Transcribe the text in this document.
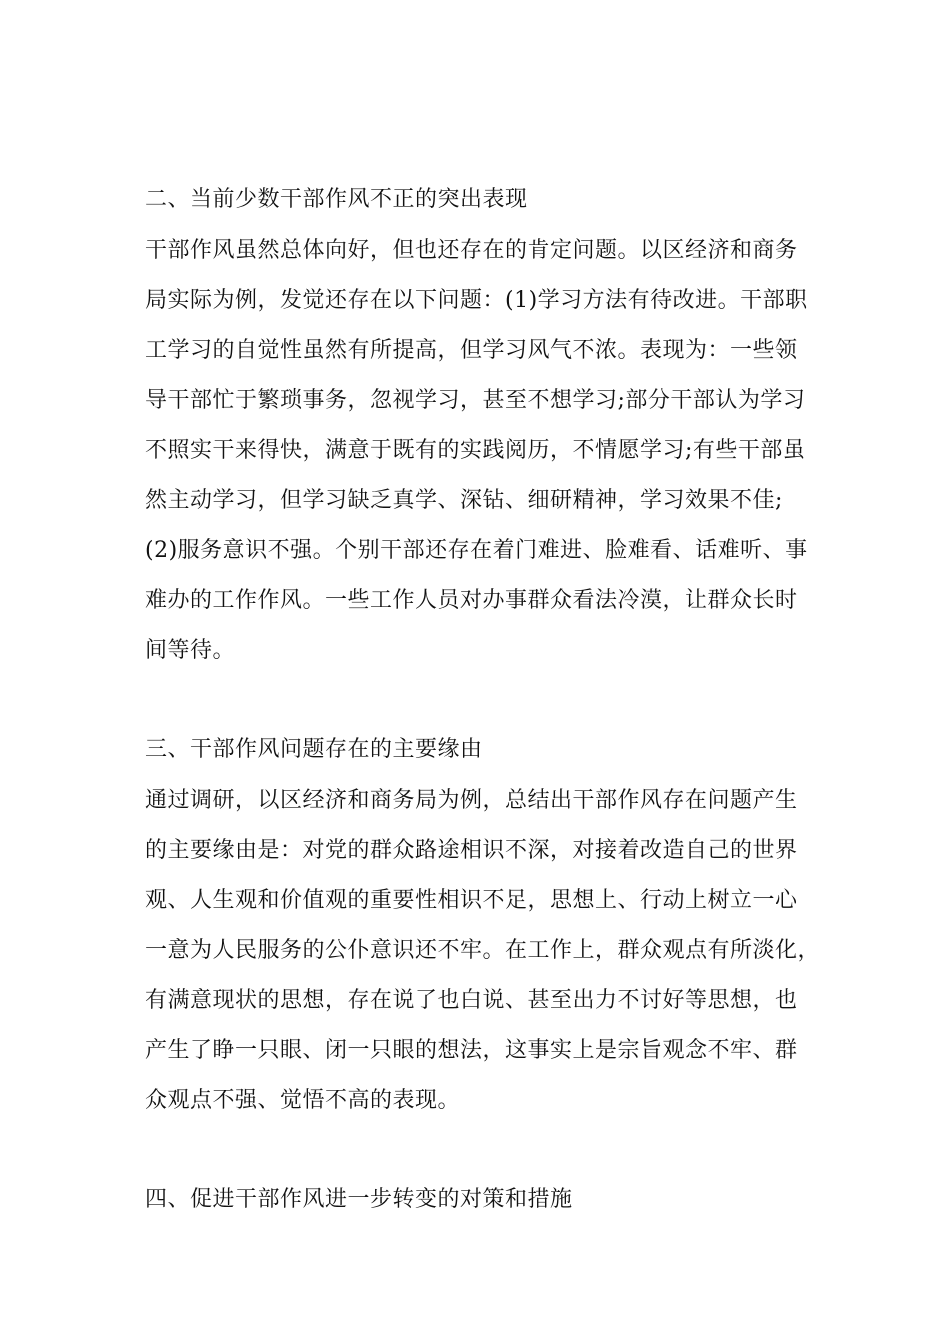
二、当前少数干部作风不正的突出表现
干部作风虽然总体向好，但也还存在的肯定问题。以区经济和商务
局实际为例，发觉还存在以下问题：(1)学习方法有待改进。干部职
工学习的自觉性虽然有所提高，但学习风气不浓。表现为：一些领
导干部忙于繁琐事务，忽视学习，甚至不想学习;部分干部认为学习
不照实干来得快，满意于既有的实践阅历，不情愿学习;有些干部虽
然主动学习，但学习缺乏真学、深钻、细研精神，学习效果不佳;
(2)服务意识不强。个别干部还存在着门难进、脸难看、话难听、事
难办的工作作风。一些工作人员对办事群众看法冷漠，让群众长时
间等待。
三、干部作风问题存在的主要缘由
通过调研，以区经济和商务局为例，总结出干部作风存在问题产生
的主要缘由是：对党的群众路途相识不深，对接着改造自己的世界
观、人生观和价值观的重要性相识不足，思想上、行动上树立一心
一意为人民服务的公仆意识还不牢。在工作上，群众观点有所淡化，
有满意现状的思想，存在说了也白说、甚至出力不讨好等思想，也
产生了睁一只眼、闭一只眼的想法，这事实上是宗旨观念不牢、群
众观点不强、觉悟不高的表现。
四、促进干部作风进一步转变的对策和措施
